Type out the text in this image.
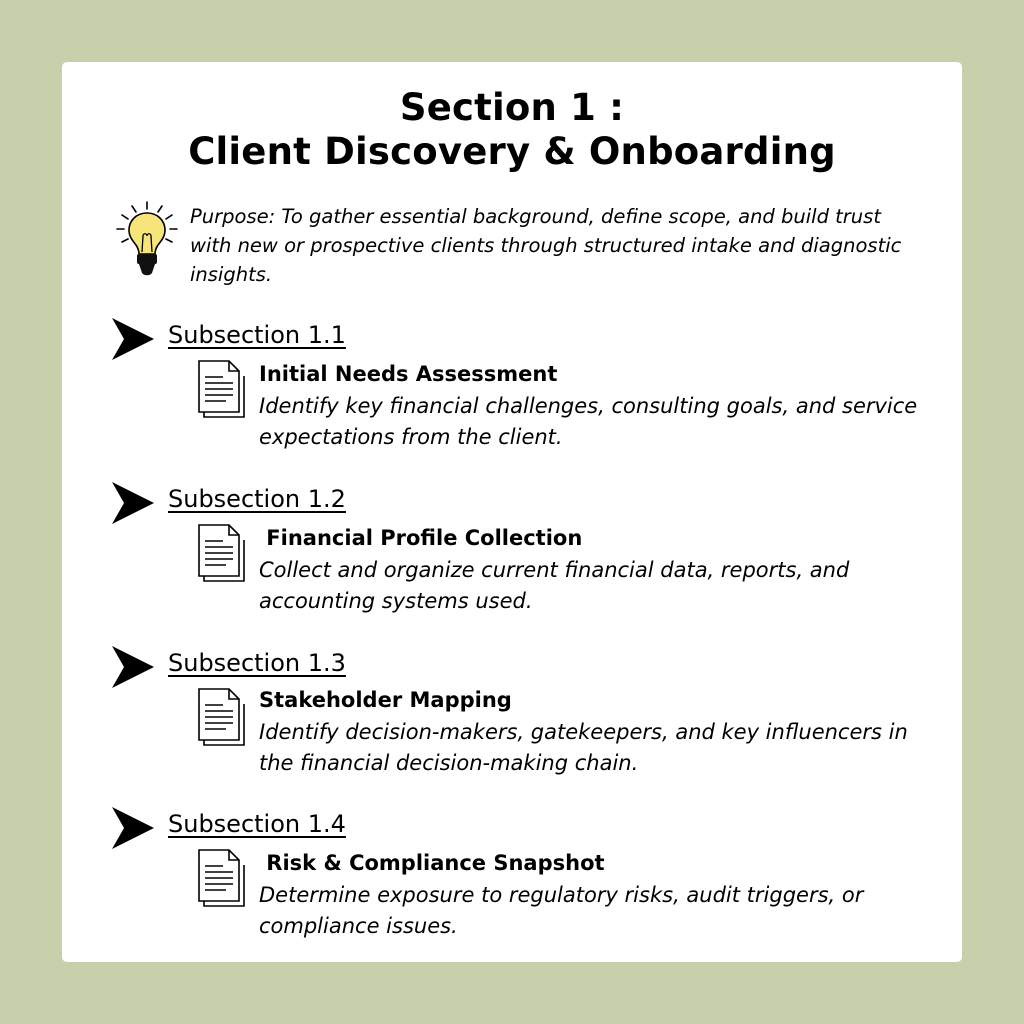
Section 1 :
Client Discovery & Onboarding
Purpose: To gather essential background, define scope, and build trust with new or prospective clients through structured intake and diagnostic insights.
Subsection 1.1
Initial Needs Assessment
Identify key financial challenges, consulting goals, and service expectations from the client.
Subsection 1.2
Financial Profile Collection
Collect and organize current financial data, reports, and accounting systems used.
Subsection 1.3
Stakeholder Mapping
Identify decision-makers, gatekeepers, and key influencers in the financial decision-making chain.
Subsection 1.4
Risk & Compliance Snapshot
Determine exposure to regulatory risks, audit triggers, or compliance issues.
